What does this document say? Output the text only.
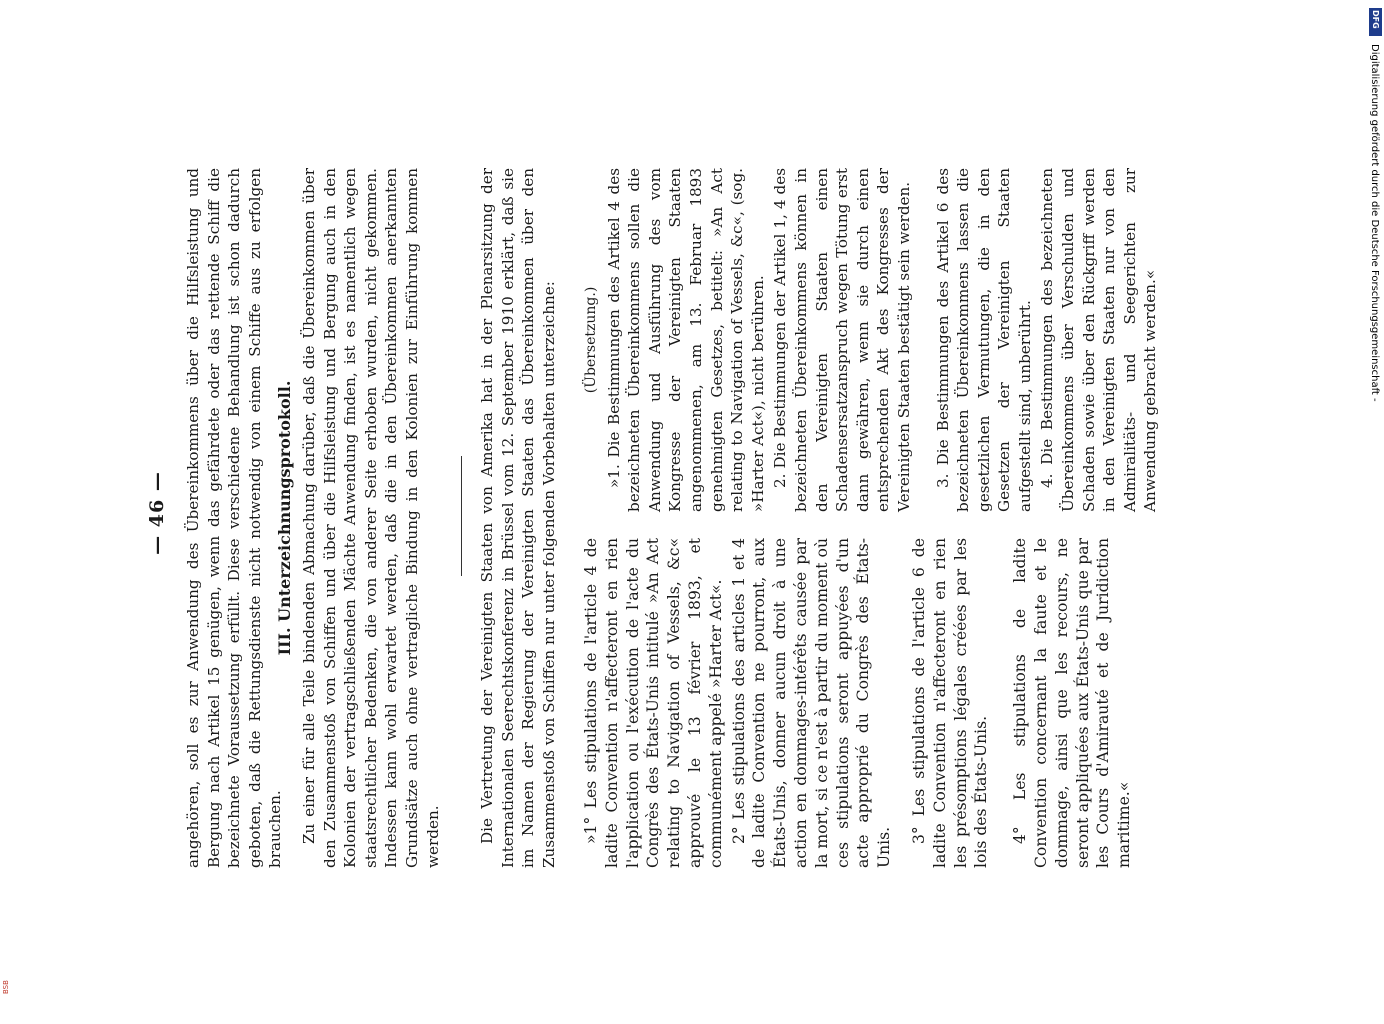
— 46 — angehören, soll es zur Anwendung des Übereinkommens über die Hilfsleistung und Bergung nach Artikel 15 genügen, wenn das gefährdete oder das rettende Schiff die bezeichnete Voraussetzung erfüllt. Diese verschiedene Behandlung ist schon dadurch geboten, daß die Rettungsdienste nicht notwendig von einem Schiffe aus zu erfolgen brauchen.
III. Unterzeichnungsprotokoll. Zu einer für alle Teile bindenden Abmachung darüber, daß die Übereinkommen über den Zusammenstoß von Schiffen und über die Hilfsleistung und Bergung auch in den Kolonien der vertragschließenden Mächte Anwendung finden, ist es namentlich wegen staatsrechtlicher Bedenken, die von anderer Seite erhoben wurden, nicht gekommen. Indessen kann wohl erwartet werden, daß die in den Übereinkommen anerkannten Grundsätze auch ohne vertragliche Bindung in den Kolonien zur Einführung kommen werden. Die Vertretung der Vereinigten Staaten von Amerika hat in der Plenarsitzung der Internationalen Seerechtskonferenz in Brüssel vom 12. September 1910 erklärt, daß sie im Namen der Regierung der Vereinigten Staaten das Übereinkommen über den Zusammenstoß von Schiffen nur unter folgenden Vorbehalten unterzeichne: »1° Les stipulations de l'article 4 de ladite Convention n'affecteront en rien l'application ou l'exécution de l'acte du Congrès des États-Unis intitulé »An Act relating to Navigation of Vessels, &c« approuvé le 13 février 1893, et communément appelé »Harter Act«. 2° Les stipulations des articles 1 et 4 de ladite Convention ne pourront, aux États-Unis, donner aucun droit à une action en dommages-intérêts causée par la mort, si ce n'est à partir du moment où ces stipulations seront appuyées d'un acte approprié du Congrès des États-Unis.

3° Les stipulations de l'article 6 de ladite Convention n'affecteront en rien les présomptions légales créées par les lois des États-Unis. 4° Les stipulations de ladite Convention concernant la faute et le dommage, ainsi que les recours, ne seront appliquées aux États-Unis que par les Cours d'Amirauté et de Juridiction maritime.«

(Übersetzung.) »1. Die Bestimmungen des Artikel 4 des bezeichneten Übereinkommens sollen die Anwendung und Ausführung des vom Kongresse der Vereinigten Staaten angenommenen, am 13. Februar 1893 genehmigten Gesetzes, betitelt: »An Act relating to Navigation of Vessels, &c«, (sog. »Harter Act«), nicht berühren. 2. Die Bestimmungen der Artikel 1, 4 des bezeichneten Übereinkommens können in den Vereinigten Staaten einen Schadensersatzanspruch wegen Tötung erst dann gewähren, wenn sie durch einen entsprechenden Akt des Kongresses der Vereinigten Staaten bestätigt sein werden. 3. Die Bestimmungen des Artikel 6 des bezeichneten Übereinkommens lassen die gesetzlichen Vermutungen, die in den Gesetzen der Vereinigten Staaten aufgestellt sind, unberührt. 4. Die Bestimmungen des bezeichneten Übereinkommens über Verschulden und Schaden sowie über den Rückgriff werden in den Vereinigten Staaten nur von den Admiralitäts- und Seegerichten zur Anwendung gebracht werden.«

DFG
Digitalisierung gefördert durch die Deutsche Forschungsgemeinschaft -
BSB
